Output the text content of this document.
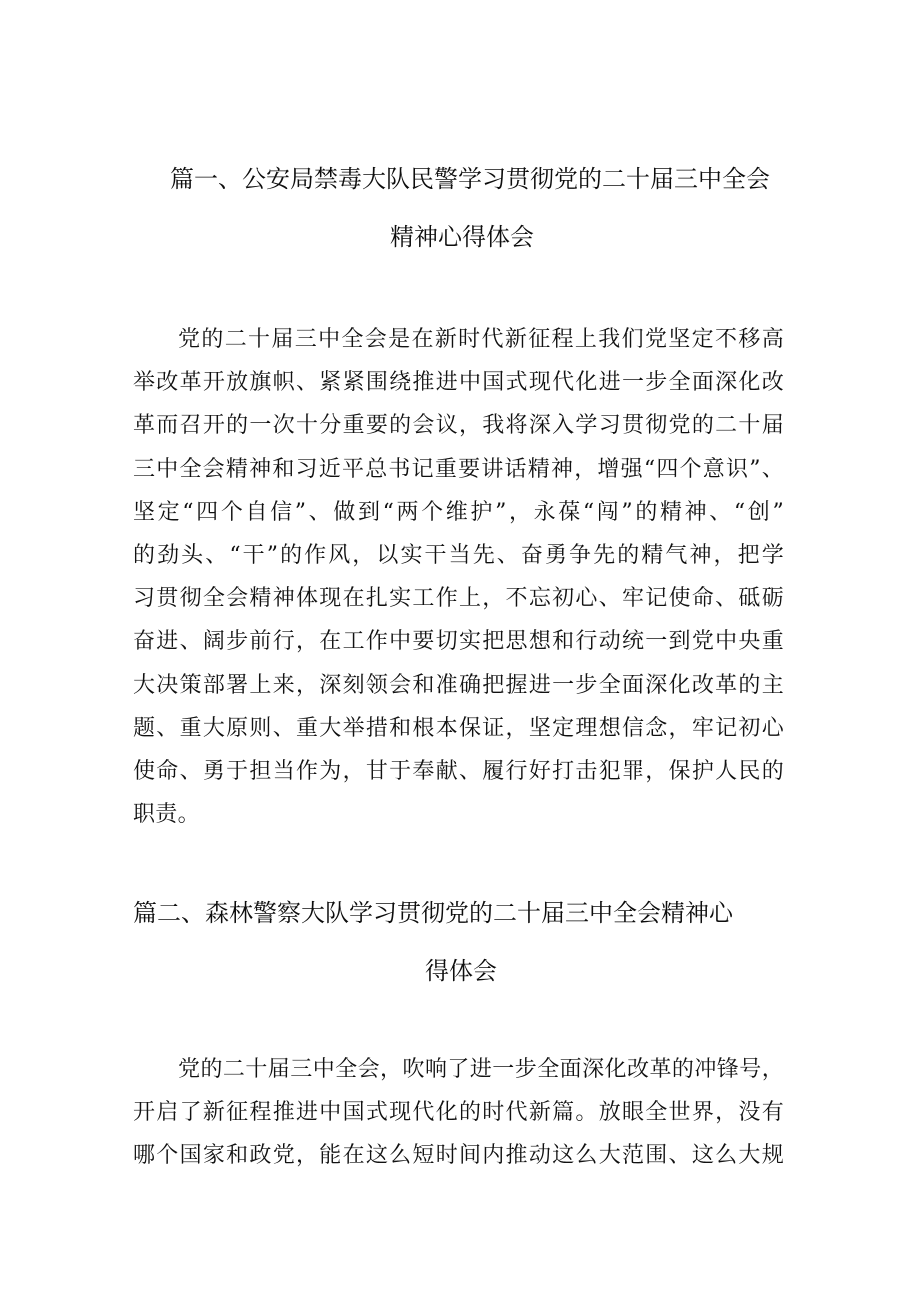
篇一、公安局禁毒大队民警学习贯彻党的二十届三中全会
精神心得体会
党的二十届三中全会是在新时代新征程上我们党坚定不移高
举改革开放旗帜、紧紧围绕推进中国式现代化进一步全面深化改
革而召开的一次十分重要的会议，我将深入学习贯彻党的二十届
三中全会精神和习近平总书记重要讲话精神，增强“四个意识”、
坚定“四个自信”、做到“两个维护”，永葆“闯”的精神、“创”
的劲头、“干”的作风，以实干当先、奋勇争先的精气神，把学
习贯彻全会精神体现在扎实工作上，不忘初心、牢记使命、砥砺
奋进、阔步前行，在工作中要切实把思想和行动统一到党中央重
大决策部署上来，深刻领会和准确把握进一步全面深化改革的主
题、重大原则、重大举措和根本保证，坚定理想信念，牢记初心
使命、勇于担当作为，甘于奉献、履行好打击犯罪，保护人民的
职责。
篇二、森林警察大队学习贯彻党的二十届三中全会精神心
得体会
党的二十届三中全会，吹响了进一步全面深化改革的冲锋号，
开启了新征程推进中国式现代化的时代新篇。放眼全世界，没有
哪个国家和政党，能在这么短时间内推动这么大范围、这么大规
